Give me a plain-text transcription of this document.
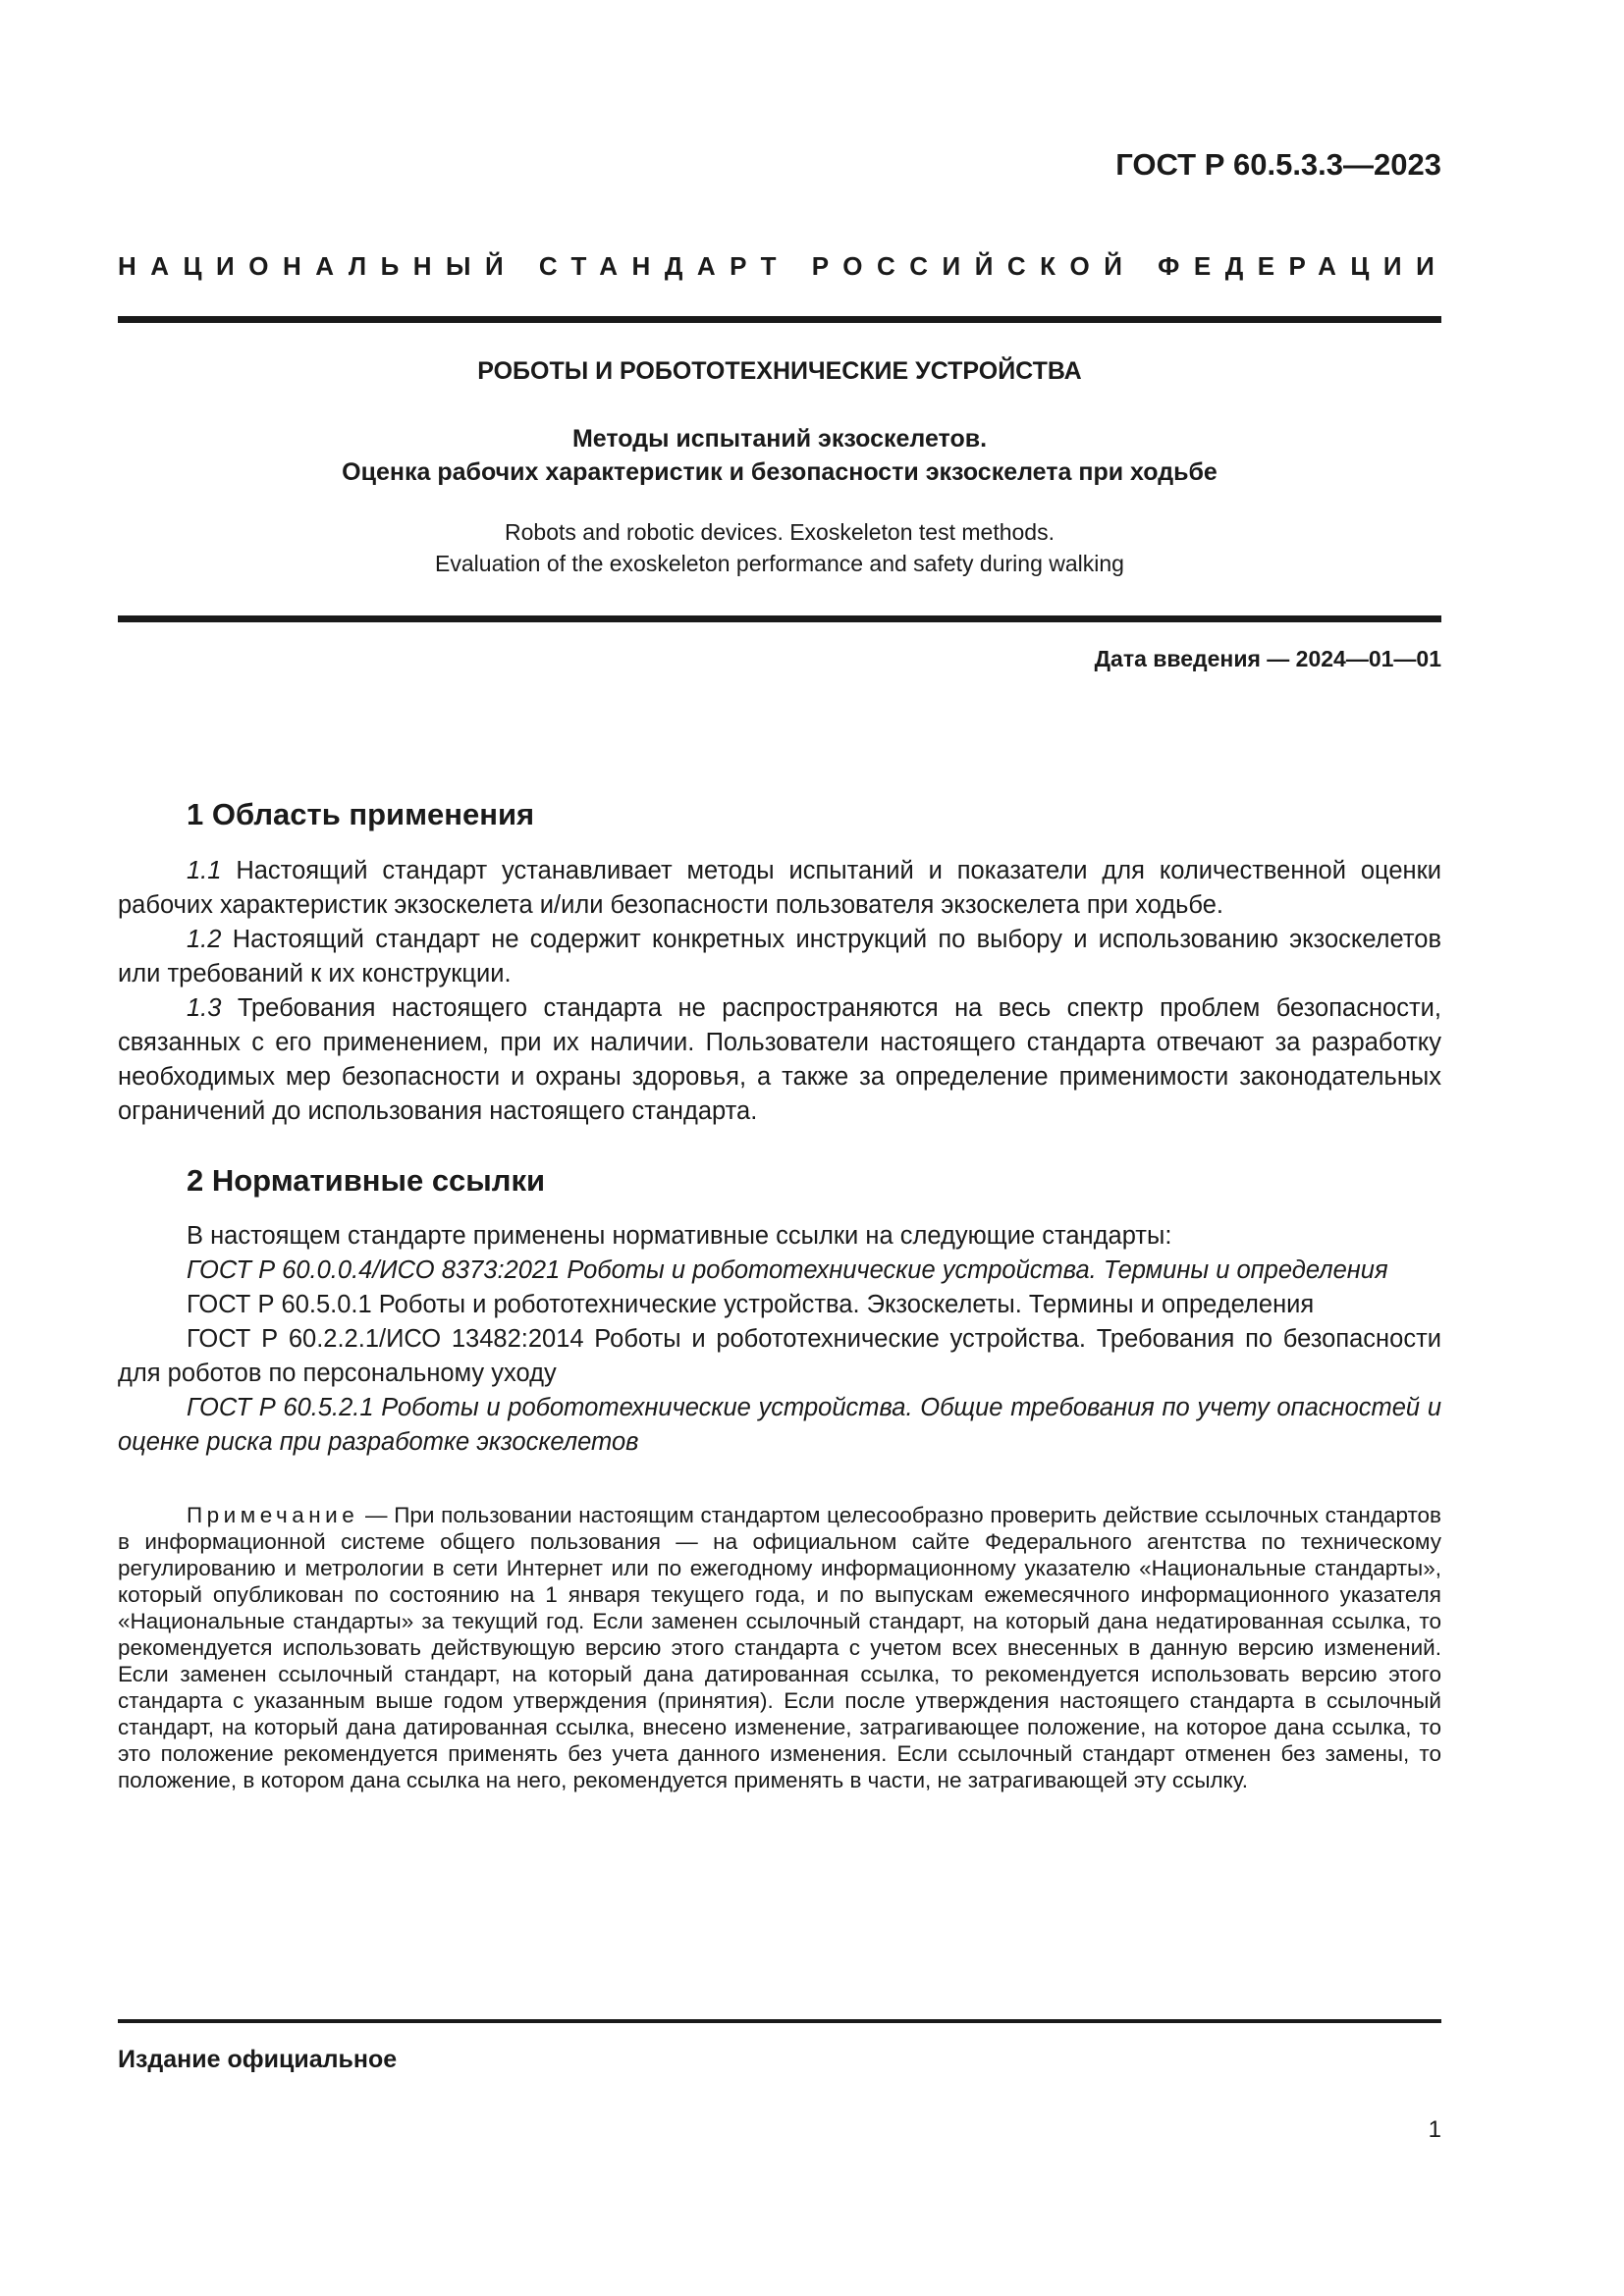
ГОСТ Р 60.5.3.3—2023

НАЦИОНАЛЬНЫЙ СТАНДАРТ РОССИЙСКОЙ ФЕДЕРАЦИИ

РОБОТЫ И РОБОТОТЕХНИЧЕСКИЕ УСТРОЙСТВА

Методы испытаний экзоскелетов.
Оценка рабочих характеристик и безопасности экзоскелета при ходьбе
Robots and robotic devices. Exoskeleton test methods.
Evaluation of the exoskeleton performance and safety during walking

Дата введения — 2024—01—01

1 Область применения

1.1 Настоящий стандарт устанавливает методы испытаний и показатели для количественной оценки рабочих характеристик экзоскелета и/или безопасности пользователя экзоскелета при ходьбе.

1.2 Настоящий стандарт не содержит конкретных инструкций по выбору и использованию экзоскелетов или требований к их конструкции.

1.3 Требования настоящего стандарта не распространяются на весь спектр проблем безопасности, связанных с его применением, при их наличии. Пользователи настоящего стандарта отвечают за разработку необходимых мер безопасности и охраны здоровья, а также за определение применимости законодательных ограничений до использования настоящего стандарта.

2 Нормативные ссылки

В настоящем стандарте применены нормативные ссылки на следующие стандарты:

ГОСТ Р 60.0.0.4/ИСО 8373:2021 Роботы и робототехнические устройства. Термины и определения

ГОСТ Р 60.5.0.1 Роботы и робототехнические устройства. Экзоскелеты. Термины и определения

ГОСТ Р 60.2.2.1/ИСО 13482:2014 Роботы и робототехнические устройства. Требования по безопасности для роботов по персональному уходу

ГОСТ Р 60.5.2.1 Роботы и робототехнические устройства. Общие требования по учету опасностей и оценке риска при разработке экзоскелетов

Примечание — При пользовании настоящим стандартом целесообразно проверить действие ссылочных стандартов в информационной системе общего пользования — на официальном сайте Федерального агентства по техническому регулированию и метрологии в сети Интернет или по ежегодному информационному указателю «Национальные стандарты», который опубликован по состоянию на 1 января текущего года, и по выпускам ежемесячного информационного указателя «Национальные стандарты» за текущий год. Если заменен ссылочный стандарт, на который дана недатированная ссылка, то рекомендуется использовать действующую версию этого стандарта с учетом всех внесенных в данную версию изменений. Если заменен ссылочный стандарт, на который дана датированная ссылка, то рекомендуется использовать версию этого стандарта с указанным выше годом утверждения (принятия). Если после утверждения настоящего стандарта в ссылочный стандарт, на который дана датированная ссылка, внесено изменение, затрагивающее положение, на которое дана ссылка, то это положение рекомендуется применять без учета данного изменения. Если ссылочный стандарт отменен без замены, то положение, в котором дана ссылка на него, рекомендуется применять в части, не затрагивающей эту ссылку.

Издание официальное

1
